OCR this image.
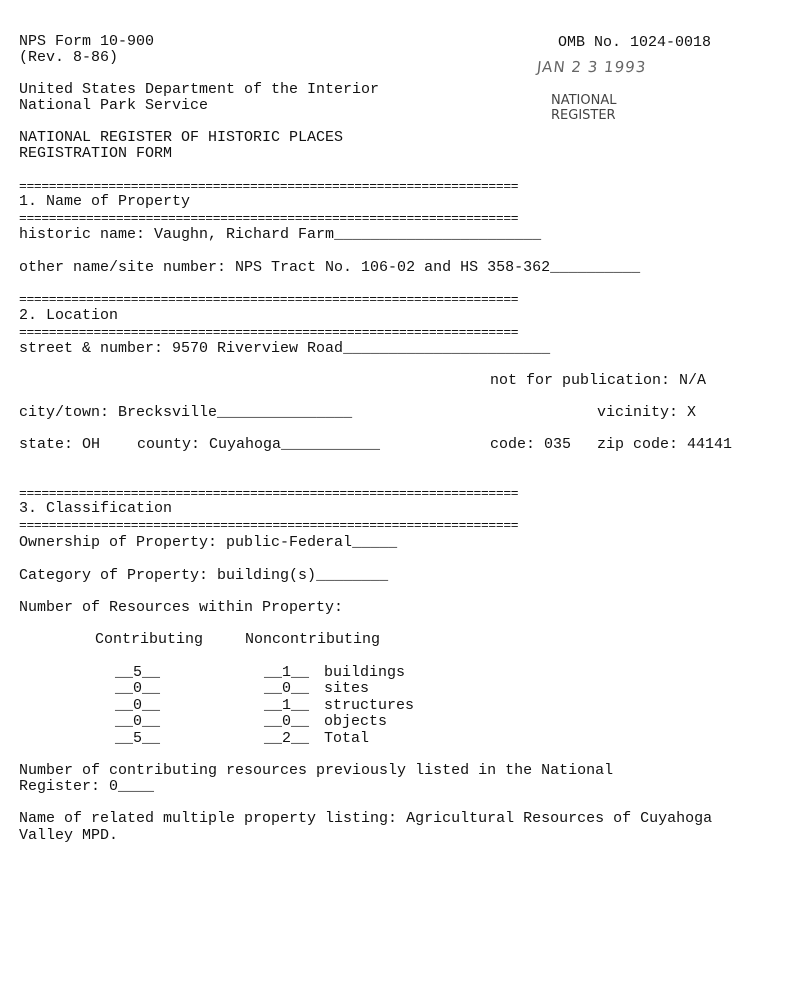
NPS Form 10-900
(Rev. 8-86)
OMB No. 1024-0018
JAN 2 3 1993
NATIONAL
REGISTER
United States Department of the Interior
National Park Service
NATIONAL REGISTER OF HISTORIC PLACES
REGISTRATION FORM
===================================================================
1. Name of Property
===================================================================
historic name: Vaughn, Richard Farm_______________________
other name/site number: NPS Tract No. 106-02 and HS 358-362__________
===================================================================
2. Location
===================================================================
street & number: 9570 Riverview Road_______________________
not for publication: N/A
city/town: Brecksville_______________	vicinity: X
state: OH county: Cuyahoga___________	code: 035 zip code: 44141
===================================================================
3. Classification
===================================================================
Ownership of Property: public-Federal_____
Category of Property: building(s)________
Number of Resources within Property:
Contributing	Noncontributing
__5__	__1__ buildings
__0__	__0__ sites
__0__	__1__ structures
__0__	__0__ objects
__5__	__2__ Total
Number of contributing resources previously listed in the National
Register: 0____
Name of related multiple property listing: Agricultural Resources of Cuyahoga
Valley MPD.
